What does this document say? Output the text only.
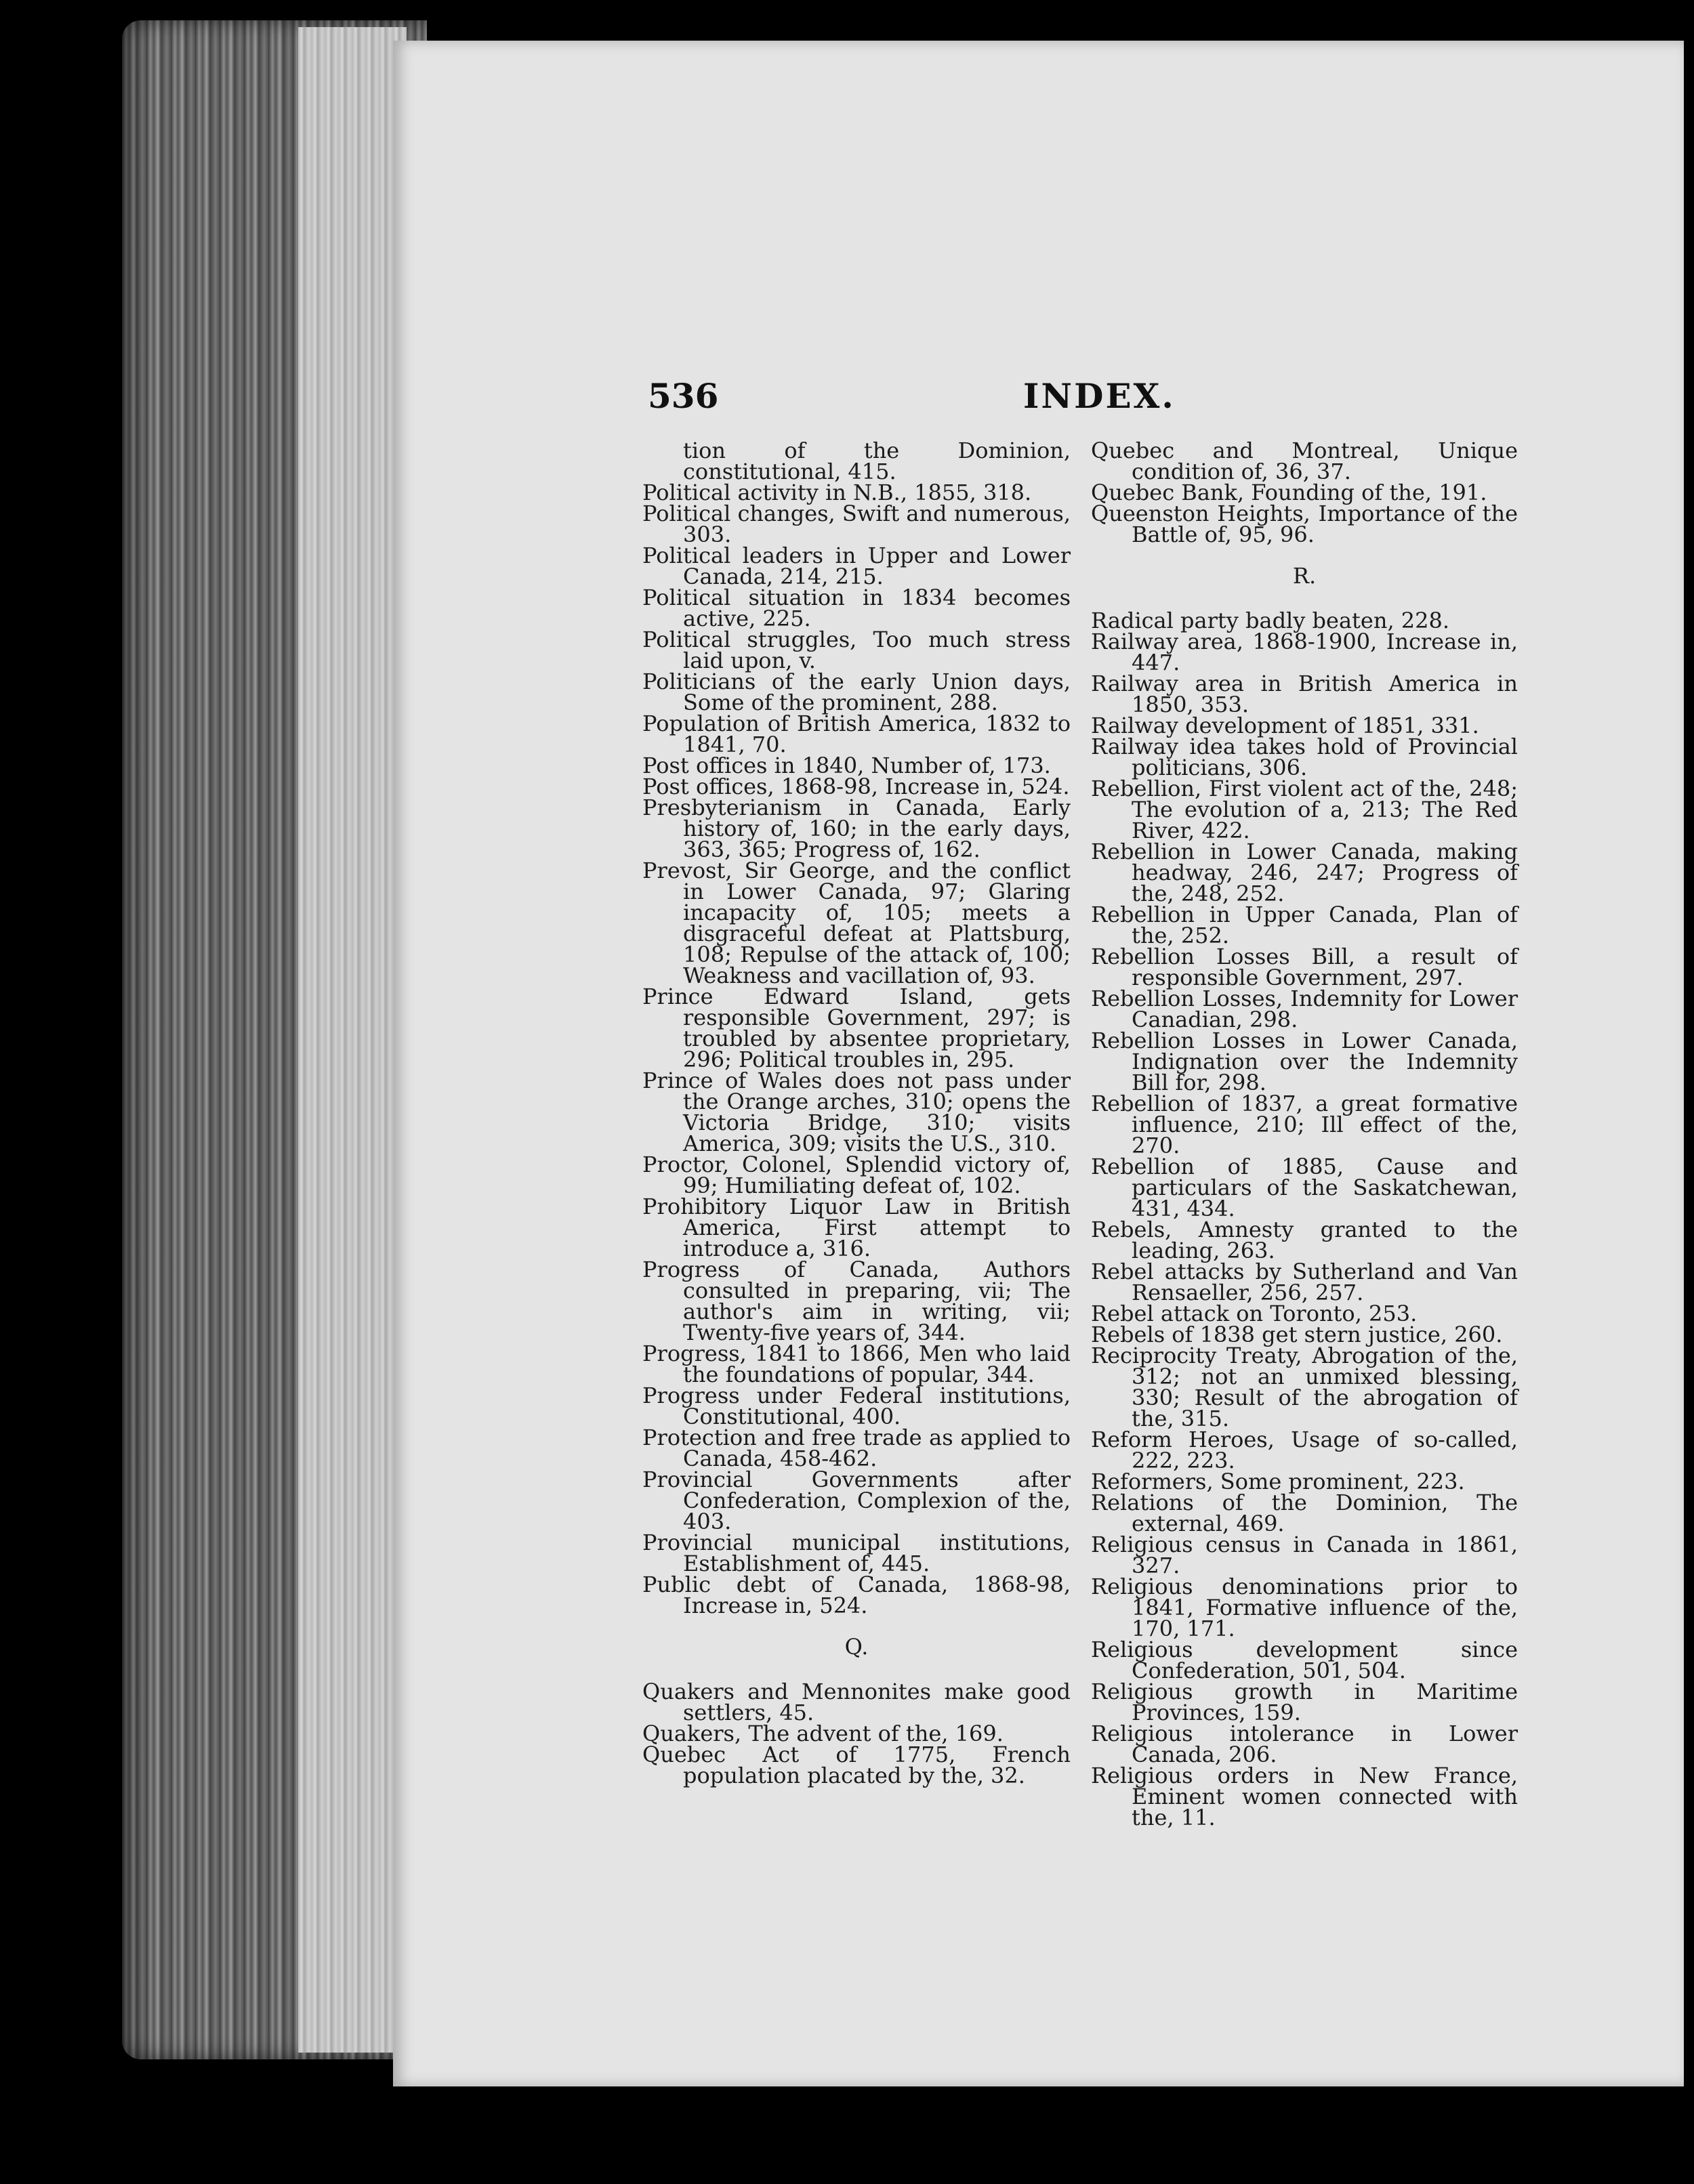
536	INDEX.

tion of the Dominion, constitutional, 415.

Political activity in N.B., 1855, 318.

Political changes, Swift and numerous, 303.

Political leaders in Upper and Lower Canada, 214, 215.

Political situation in 1834 becomes active, 225.

Political struggles, Too much stress laid upon, v.

Politicians of the early Union days, Some of the prominent, 288.

Population of British America, 1832 to 1841, 70.

Post offices in 1840, Number of, 173.

Post offices, 1868-98, Increase in, 524.

Presbyterianism in Canada, Early history of, 160; in the early days, 363, 365; Progress of, 162.

Prevost, Sir George, and the conflict in Lower Canada, 97; Glaring incapacity of, 105; meets a disgraceful defeat at Plattsburg, 108; Repulse of the attack of, 100; Weakness and vacillation of, 93.

Prince Edward Island, gets responsible Government, 297; is troubled by absentee proprietary, 296; Political troubles in, 295.

Prince of Wales does not pass under the Orange arches, 310; opens the Victoria Bridge, 310; visits America, 309; visits the U.S., 310.

Proctor, Colonel, Splendid victory of, 99; Humiliating defeat of, 102.

Prohibitory Liquor Law in British America, First attempt to introduce a, 316.

Progress of Canada, Authors consulted in preparing, vii; The author's aim in writing, vii; Twenty-five years of, 344.

Progress, 1841 to 1866, Men who laid the foundations of popular, 344.

Progress under Federal institutions, Constitutional, 400.

Protection and free trade as applied to Canada, 458-462.

Provincial Governments after Confederation, Complexion of the, 403.

Provincial municipal institutions, Establishment of, 445.

Public debt of Canada, 1868-98, Increase in, 524.

Q.

Quakers and Mennonites make good settlers, 45.

Quakers, The advent of the, 169.

Quebec Act of 1775, French population placated by the, 32.

Quebec and Montreal, Unique condition of, 36, 37.

Quebec Bank, Founding of the, 191.

Queenston Heights, Importance of the Battle of, 95, 96.

R.

Radical party badly beaten, 228.

Railway area, 1868-1900, Increase in, 447.

Railway area in British America in 1850, 353.

Railway development of 1851, 331.

Railway idea takes hold of Provincial politicians, 306.

Rebellion, First violent act of the, 248; The evolution of a, 213; The Red River, 422.

Rebellion in Lower Canada, making headway, 246, 247; Progress of the, 248, 252.

Rebellion in Upper Canada, Plan of the, 252.

Rebellion Losses Bill, a result of responsible Government, 297.

Rebellion Losses, Indemnity for Lower Canadian, 298.

Rebellion Losses in Lower Canada, Indignation over the Indemnity Bill for, 298.

Rebellion of 1837, a great formative influence, 210; Ill effect of the, 270.

Rebellion of 1885, Cause and particulars of the Saskatchewan, 431, 434.

Rebels, Amnesty granted to the leading, 263.

Rebel attacks by Sutherland and Van Rensaeller, 256, 257.

Rebel attack on Toronto, 253.

Rebels of 1838 get stern justice, 260.

Reciprocity Treaty, Abrogation of the, 312; not an unmixed blessing, 330; Result of the abrogation of the, 315.

Reform Heroes, Usage of so-called, 222, 223.

Reformers, Some prominent, 223.

Relations of the Dominion, The external, 469.

Religious census in Canada in 1861, 327.

Religious denominations prior to 1841, Formative influence of the, 170, 171.

Religious development since Confederation, 501, 504.

Religious growth in Maritime Provinces, 159.

Religious intolerance in Lower Canada, 206.

Religious orders in New France, Eminent women connected with the, 11.
